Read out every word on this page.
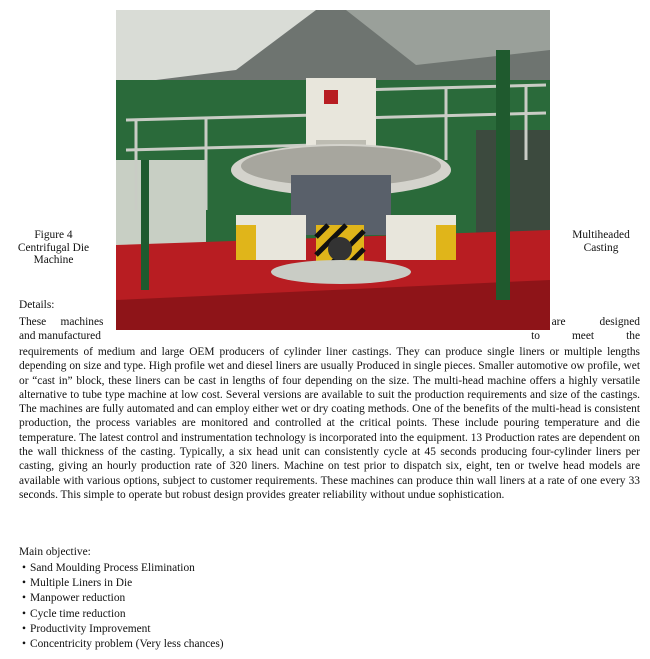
Figure 4
Centrifugal Die
Machine
Multiheaded
Casting
Details:
These machines	are	designed
and manufactured	to	meet	the

requirements of medium and large OEM producers of cylinder liner castings. They can produce single liners or multiple lengths depending on size and type. High profile wet and diesel liners are usually Produced in single pieces. Smaller automotive ow profile, wet or “cast in” block, these liners can be cast in lengths of four depending on the size. The multi-head machine offers a highly versatile alternative to tube type machine at low cost. Several versions are available to suit the production requirements and size of the castings. The machines are fully automated and can employ either wet or dry coating methods. One of the benefits of the multi-head is consistent production, the process variables are monitored and controlled at the critical points. These include pouring temperature and die temperature. The latest control and instrumentation technology is incorporated into the equipment. 13 Production rates are dependent on the wall thickness of the casting. Typically, a six head unit can consistently cycle at 45 seconds producing four-cylinder liners per casting, giving an hourly production rate of 320 liners. Machine on test prior to dispatch six, eight, ten or twelve head models are available with various options, subject to customer requirements. These machines can produce thin wall liners at a rate of one every 33 seconds. This simple to operate but robust design provides greater reliability without undue sophistication.

Main objective:
• Sand Moulding Process Elimination
• Multiple Liners in Die
• Manpower reduction
• Cycle time reduction
• Productivity Improvement
• Concentricity problem (Very less chances)
